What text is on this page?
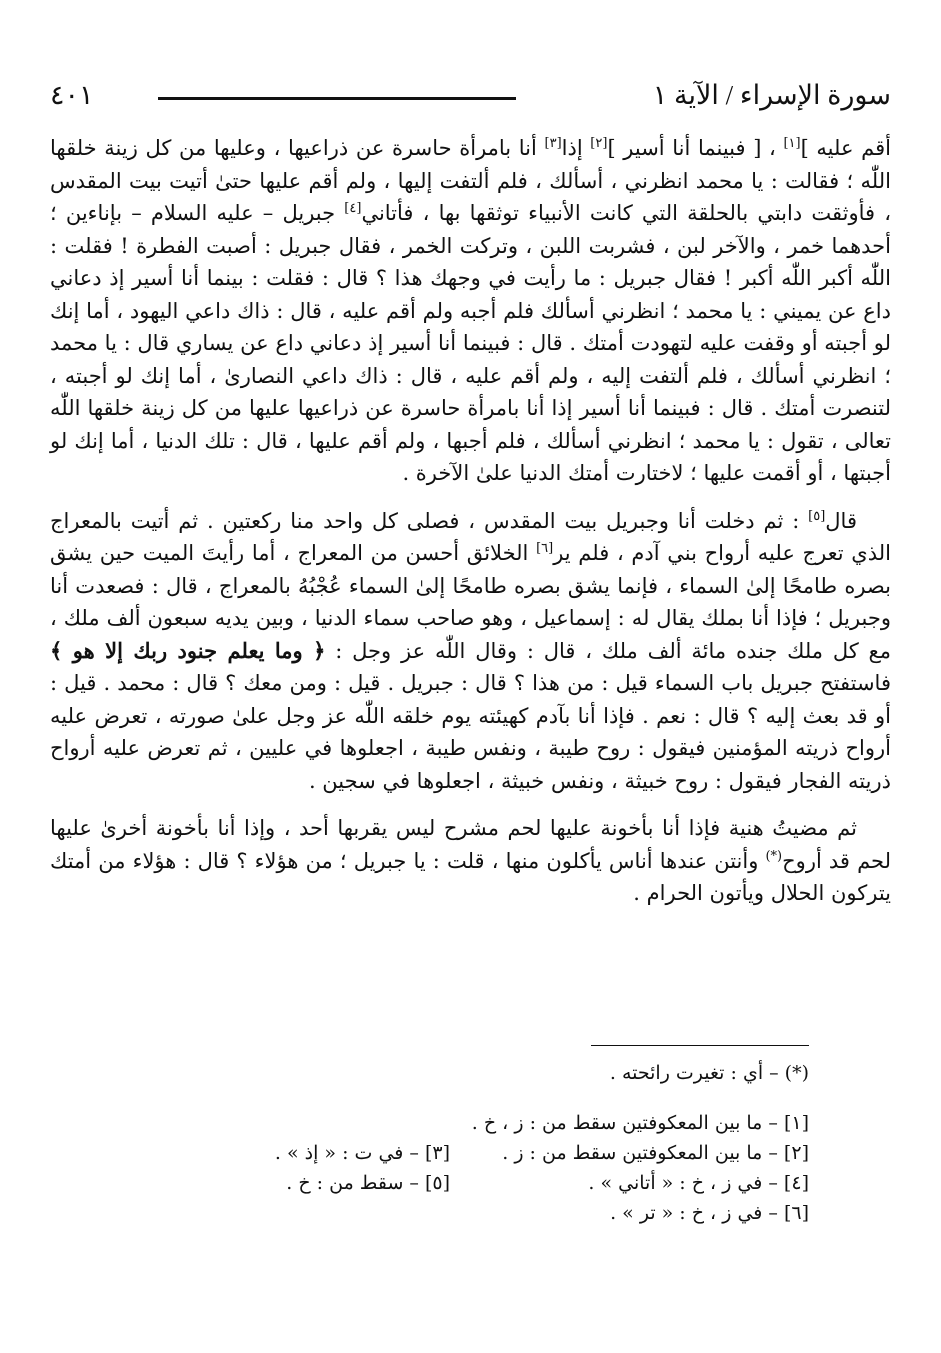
٤٠١	سورة الإسراء / الآية ١

أقم عليه ][١] ، [ فبينما أنا أسير ][٢] إذا[٣] أنا بامرأة حاسرة عن ذراعيها ، وعليها من كل زينة خلقها اللّٰه ؛ فقالت : يا محمد انظرني ، أسألك ، فلم ألتفت إليها ، ولم أقم عليها حتىٰ أتيت بيت المقدس ، فأوثقت دابتي بالحلقة التي كانت الأنبياء توثقها بها ، فأتاني[٤] جبريل – عليه السلام – بإناءين ؛ أحدهما خمر ، والآخر لبن ، فشربت اللبن ، وتركت الخمر ، فقال جبريل : أصبت الفطرة ! فقلت : اللّٰه أكبر اللّٰه أكبر ! فقال جبريل : ما رأيت في وجهك هذا ؟ قال : فقلت : بينما أنا أسير إذ دعاني داع عن يميني : يا محمد ؛ انظرني أسألك فلم أجبه ولم أقم عليه ، قال : ذاك داعي اليهود ، أما إنك لو أجبته أو وقفت عليه لتهودت أمتك . قال : فبينما أنا أسير إذ دعاني داع عن يساري قال : يا محمد ؛ انظرني أسألك ، فلم ألتفت إليه ، ولم أقم عليه ، قال : ذاك داعي النصارىٰ ، أما إنك لو أجبته ، لتنصرت أمتك . قال : فبينما أنا أسير إذا أنا بامرأة حاسرة عن ذراعيها عليها من كل زينة خلقها اللّٰه تعالى ، تقول : يا محمد ؛ انظرني أسألك ، فلم أجبها ، ولم أقم عليها ، قال : تلك الدنيا ، أما إنك لو أجبتها ، أو أقمت عليها ؛ لاختارت أمتك الدنيا علىٰ الآخرة .

قال[٥] : ثم دخلت أنا وجبريل بيت المقدس ، فصلى كل واحد منا ركعتين . ثم أتيت بالمعراج الذي تعرج عليه أرواح بني آدم ، فلم ير[٦] الخلائق أحسن من المعراج ، أما رأيتَ الميت حين يشق بصره طامحًا إلىٰ السماء ، فإنما يشق بصره طامحًا إلىٰ السماء عُجْبُهُ بالمعراج ، قال : فصعدت أنا وجبريل ؛ فإذا أنا بملك يقال له : إسماعيل ، وهو صاحب سماء الدنيا ، وبين يديه سبعون ألف ملك ، مع كل ملك جنده مائة ألف ملك ، قال : وقال اللّٰه عز وجل : ﴿ وما يعلم جنود ربك إلا هو ﴾ فاستفتح جبريل باب السماء قيل : من هذا ؟ قال : جبريل . قيل : ومن معك ؟ قال : محمد . قيل : أو قد بعث إليه ؟ قال : نعم . فإذا أنا بآدم كهيئته يوم خلقه اللّٰه عز وجل علىٰ صورته ، تعرض عليه أرواح ذريته المؤمنين فيقول : روح طيبة ، ونفس طيبة ، اجعلوها في عليين ، ثم تعرض عليه أرواح ذريته الفجار فيقول : روح خبيثة ، ونفس خبيثة ، اجعلوها في سجين .

ثم مضيتُ هنية فإذا أنا بأخونة عليها لحم مشرح ليس يقربها أحد ، وإذا أنا بأخونة أخرىٰ عليها لحم قد أروح(*) وأنتن عندها أناس يأكلون منها ، قلت : يا جبريل ؛ من هؤلاء ؟ قال : هؤلاء من أمتك يتركون الحلال ويأتون الحرام .

(*) – أي : تغيرت رائحته .
[١] – ما بين المعكوفتين سقط من : ز ، خ .
[٢] – ما بين المعكوفتين سقط من : ز .
[٣] – في ت : « إذ » .
[٤] – في ز ، خ : « أتاني » .
[٥] – سقط من : خ .
[٦] – في ز ، خ : « تر » .
